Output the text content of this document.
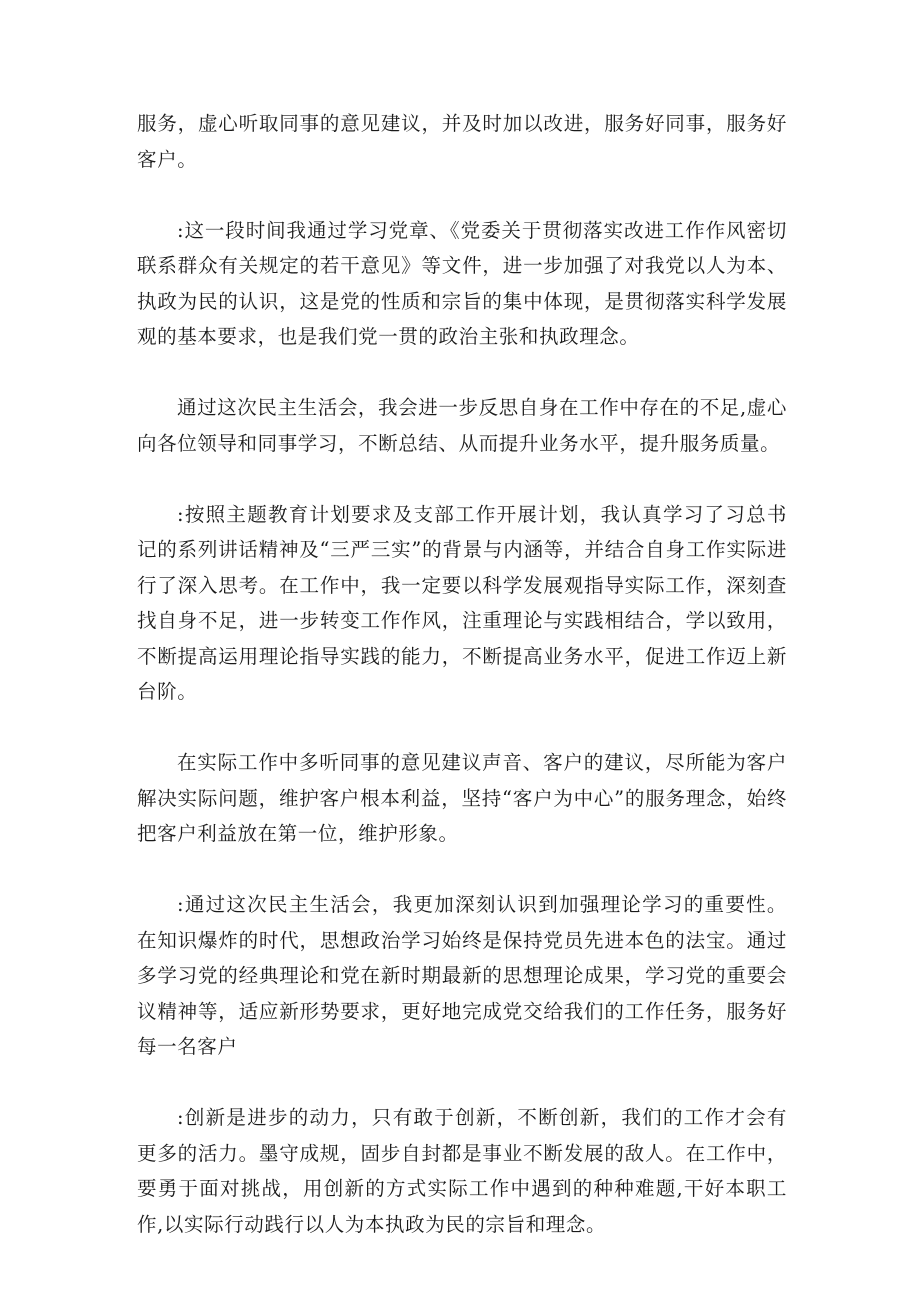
服务，虚心听取同事的意见建议，并及时加以改进，服务好同事，服务好客户。

:这一段时间我通过学习党章、《党委关于贯彻落实改进工作作风密切联系群众有关规定的若干意见》等文件，进一步加强了对我党以人为本、执政为民的认识，这是党的性质和宗旨的集中体现，是贯彻落实科学发展观的基本要求，也是我们党一贯的政治主张和执政理念。

通过这次民主生活会，我会进一步反思自身在工作中存在的不足,虚心向各位领导和同事学习，不断总结、从而提升业务水平，提升服务质量。

:按照主题教育计划要求及支部工作开展计划，我认真学习了习总书记的系列讲话精神及“三严三实”的背景与内涵等，并结合自身工作实际进行了深入思考。在工作中，我一定要以科学发展观指导实际工作，深刻查找自身不足，进一步转变工作作风，注重理论与实践相结合，学以致用，不断提高运用理论指导实践的能力，不断提高业务水平，促进工作迈上新台阶。

在实际工作中多听同事的意见建议声音、客户的建议，尽所能为客户解决实际问题，维护客户根本利益，坚持“客户为中心”的服务理念，始终把客户利益放在第一位，维护形象。

:通过这次民主生活会，我更加深刻认识到加强理论学习的重要性。在知识爆炸的时代，思想政治学习始终是保持党员先进本色的法宝。通过多学习党的经典理论和党在新时期最新的思想理论成果，学习党的重要会议精神等，适应新形势要求，更好地完成党交给我们的工作任务，服务好每一名客户

:创新是进步的动力，只有敢于创新，不断创新，我们的工作才会有更多的活力。墨守成规，固步自封都是事业不断发展的敌人。在工作中，要勇于面对挑战，用创新的方式实际工作中遇到的种种难题,干好本职工作,以实际行动践行以人为本执政为民的宗旨和理念。
